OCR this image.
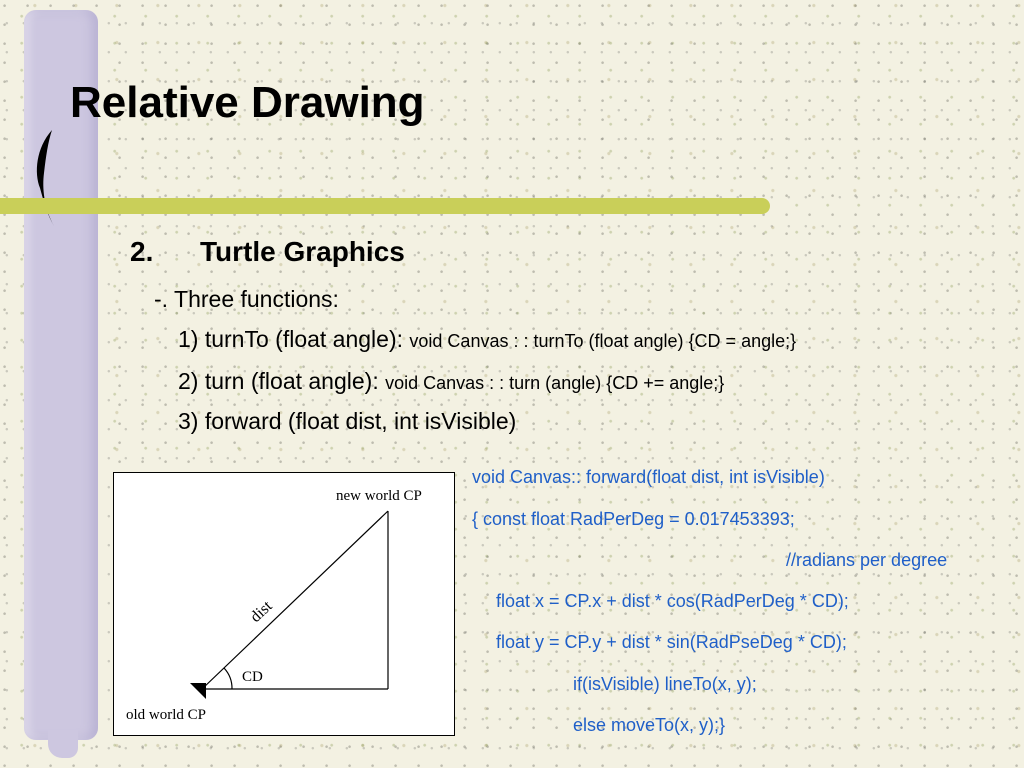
Relative Drawing
2. Turtle Graphics
-. Three functions:
1) turnTo (float angle): void Canvas : : turnTo (float angle) {CD = angle;}
2) turn (float angle): void Canvas : : turn (angle) {CD += angle;}
3) forward (float dist, int isVisible)
new world CP
old world CP
dist
CD
void Canvas:: forward(float dist, int isVisible)
{ const float RadPerDeg = 0.017453393;
//radians per degree
float x = CP.x + dist * cos(RadPerDeg * CD);
float y = CP.y + dist * sin(RadPseDeg * CD);
if(isVisible) lineTo(x, y);
else moveTo(x, y);}
